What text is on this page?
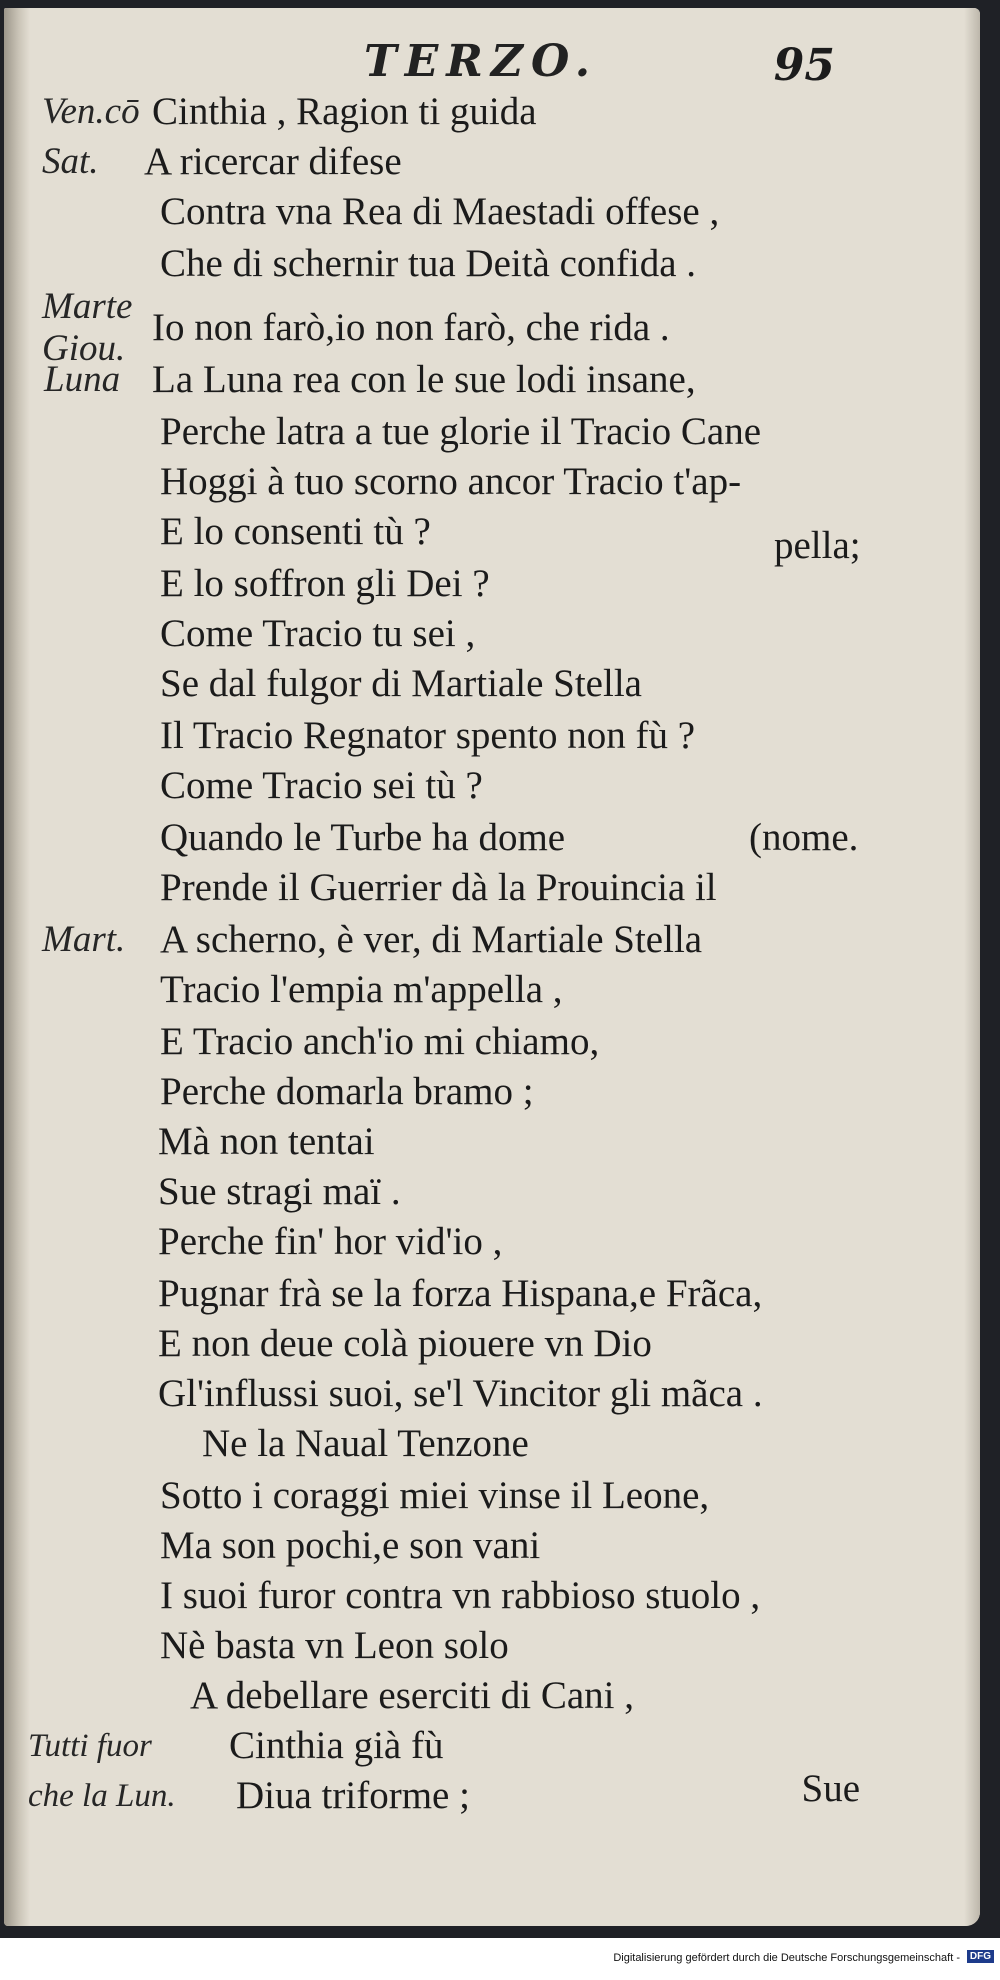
TERZO.	95
Marte
Giou.
Ven.cō Cinthia , Ragion ti guida
Sat. A ricercar difese
Contra vna Rea di Maestadi offese ,
Che di schernir tua Deità confida .
Io non farò,io non farò, che rida .
Luna La Luna rea con le sue lodi insane,
Perche latra a tue glorie il Tracio Cane
Hoggi à tuo scorno ancor Tracio t'ap-
E lo consenti tù ?	pella;
E lo soffron gli Dei ?
Come Tracio tu sei ,
Se dal fulgor di Martiale Stella
Il Tracio Regnator spento non fù ?
Come Tracio sei tù ?
Quando le Turbe ha dome	(nome.
Prende il Guerrier dà la Prouincia il
Mart. A scherno, è ver, di Martiale Stella
Tracio l'empia m'appella ,
E Tracio anch'io mi chiamo,
Perche domarla bramo ;
Mà non tentai
Sue stragi maï .
Perche fin' hor vid'io ,
Pugnar frà se la forza Hispana,e Frãca,
E non deue colà piouere vn Dio
Gl'influssi suoi, se'l Vincitor gli mãca .
Ne la Naual Tenzone
Sotto i coraggi miei vinse il Leone,
Ma son pochi,e son vani
I suoi furor contra vn rabbioso stuolo ,
Nè basta vn Leon solo
A debellare eserciti di Cani ,
Tutti fuor Cinthia già fù
che la Lun. Diua triforme ;	Sue
Digitalisierung gefördert durch die Deutsche Forschungsgemeinschaft - DFG
